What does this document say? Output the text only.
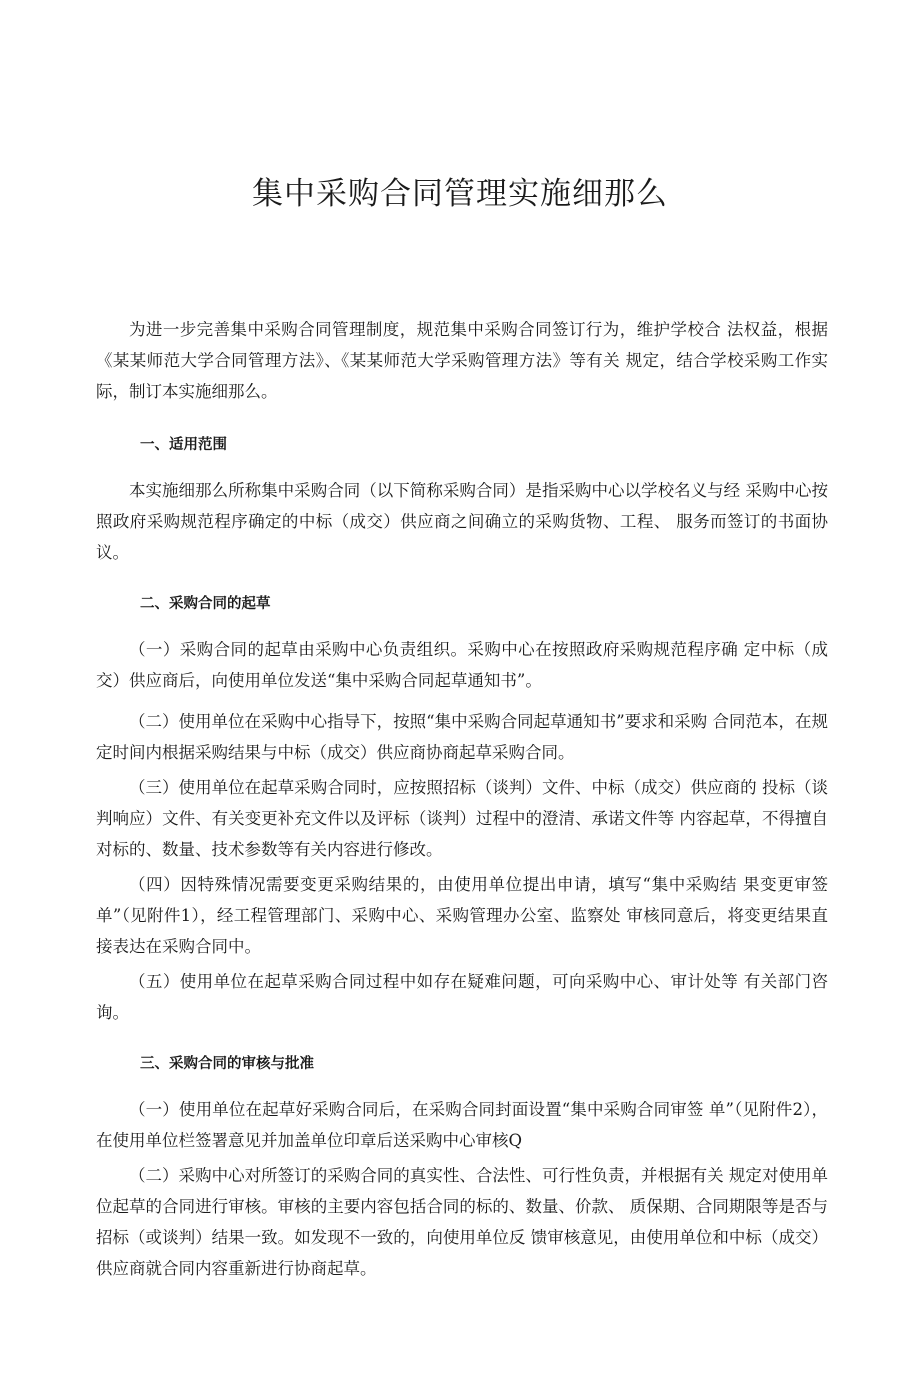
集中采购合同管理实施细那么

为进一步完善集中采购合同管理制度，规范集中采购合同签订行为，维护学校合 法权益，根据《某某师范大学合同管理方法》、《某某师范大学采购管理方法》等有关 规定，结合学校采购工作实际，制订本实施细那么。

一、适用范围

本实施细那么所称集中采购合同（以下简称采购合同）是指采购中心以学校名义与经 采购中心按照政府采购规范程序确定的中标（成交）供应商之间确立的采购货物、工程、 服务而签订的书面协议。

二、采购合同的起草

（一）采购合同的起草由采购中心负责组织。采购中心在按照政府采购规范程序确 定中标（成交）供应商后，向使用单位发送“集中采购合同起草通知书”。

（二）使用单位在采购中心指导下，按照“集中采购合同起草通知书”要求和采购 合同范本，在规定时间内根据采购结果与中标（成交）供应商协商起草采购合同。

（三）使用单位在起草采购合同时，应按照招标（谈判）文件、中标（成交）供应商的 投标（谈判响应）文件、有关变更补充文件以及评标（谈判）过程中的澄清、承诺文件等 内容起草，不得擅自对标的、数量、技术参数等有关内容进行修改。

（四）因特殊情况需要变更采购结果的，由使用单位提出申请，填写“集中采购结 果变更审签单”（见附件1），经工程管理部门、采购中心、采购管理办公室、监察处 审核同意后，将变更结果直接表达在采购合同中。

（五）使用单位在起草采购合同过程中如存在疑难问题，可向采购中心、审计处等 有关部门咨询。

三、采购合同的审核与批准

（一）使用单位在起草好采购合同后，在采购合同封面设置“集中采购合同审签 单”（见附件2），在使用单位栏签署意见并加盖单位印章后送采购中心审核Q

（二）采购中心对所签订的采购合同的真实性、合法性、可行性负责，并根据有关 规定对使用单位起草的合同进行审核。审核的主要内容包括合同的标的、数量、价款、 质保期、合同期限等是否与招标（或谈判）结果一致。如发现不一致的，向使用单位反 馈审核意见，由使用单位和中标（成交）供应商就合同内容重新进行协商起草。
